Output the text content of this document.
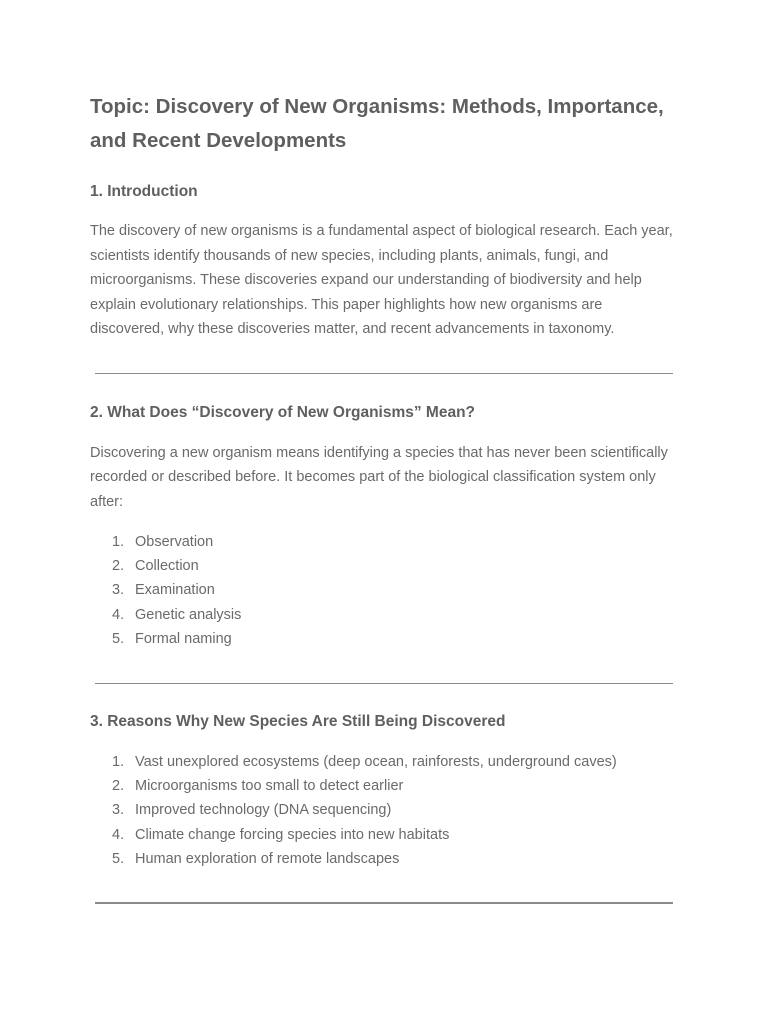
Topic: Discovery of New Organisms: Methods, Importance, and Recent Developments
1. Introduction

The discovery of new organisms is a fundamental aspect of biological research. Each year, scientists identify thousands of new species, including plants, animals, fungi, and microorganisms. These discoveries expand our understanding of biodiversity and help explain evolutionary relationships. This paper highlights how new organisms are discovered, why these discoveries matter, and recent advancements in taxonomy.

2. What Does “Discovery of New Organisms” Mean?

Discovering a new organism means identifying a species that has never been scientifically recorded or described before. It becomes part of the biological classification system only after:

1. Observation
2. Collection
3. Examination
4. Genetic analysis
5. Formal naming
3. Reasons Why New Species Are Still Being Discovered
1. Vast unexplored ecosystems (deep ocean, rainforests, underground caves)
2. Microorganisms too small to detect earlier
3. Improved technology (DNA sequencing)
4. Climate change forcing species into new habitats
5. Human exploration of remote landscapes
